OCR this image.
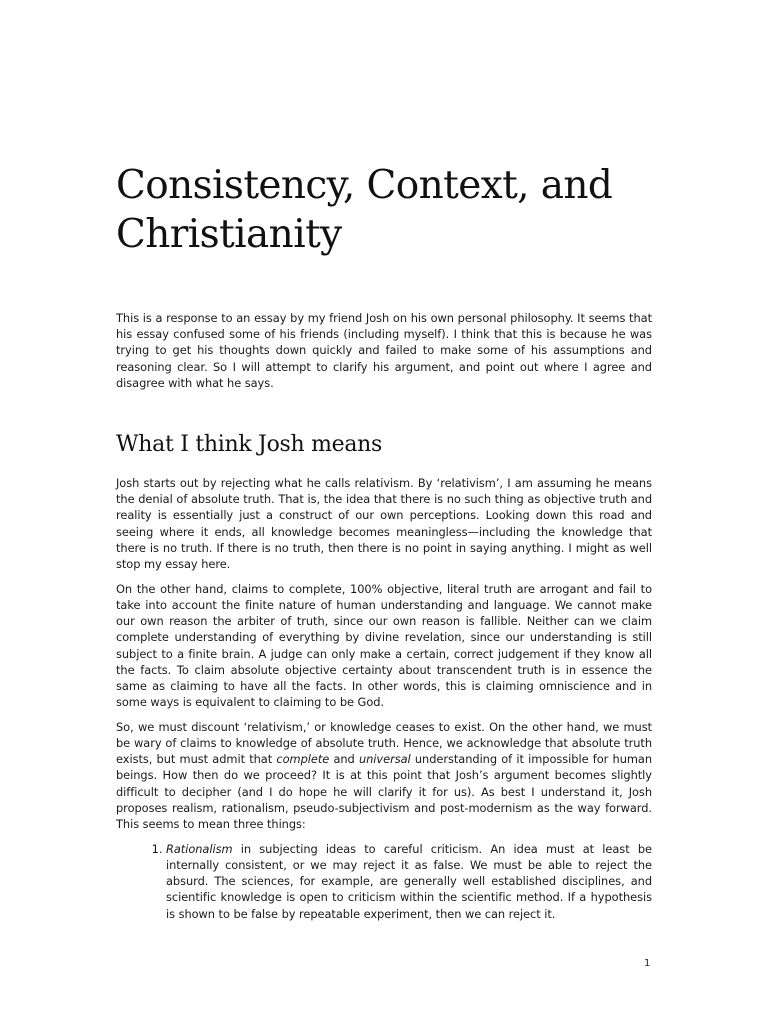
Consistency, Context, and Christianity

This is a response to an essay by my friend Josh on his own personal philosophy. It seems that his essay confused some of his friends (including myself). I think that this is because he was trying to get his thoughts down quickly and failed to make some of his assumptions and reasoning clear. So I will attempt to clarify his argument, and point out where I agree and disagree with what he says.

What I think Josh means

Josh starts out by rejecting what he calls relativism. By ‘relativism’, I am assuming he means the denial of absolute truth. That is, the idea that there is no such thing as objective truth and reality is essentially just a construct of our own perceptions. Looking down this road and seeing where it ends, all knowledge becomes meaningless—including the knowledge that there is no truth. If there is no truth, then there is no point in saying anything. I might as well stop my essay here.

On the other hand, claims to complete, 100% objective, literal truth are arrogant and fail to take into account the finite nature of human understanding and language. We cannot make our own reason the arbiter of truth, since our own reason is fallible. Neither can we claim complete understanding of everything by divine revelation, since our understanding is still subject to a finite brain. A judge can only make a certain, correct judgement if they know all the facts. To claim absolute objective certainty about transcendent truth is in essence the same as claiming to have all the facts. In other words, this is claiming omniscience and in some ways is equivalent to claiming to be God.

So, we must discount ‘relativism,’ or knowledge ceases to exist. On the other hand, we must be wary of claims to knowledge of absolute truth. Hence, we acknowledge that absolute truth exists, but must admit that complete and universal understanding of it impossible for human beings. How then do we proceed? It is at this point that Josh’s argument becomes slightly difficult to decipher (and I do hope he will clarify it for us). As best I understand it, Josh proposes realism, rationalism, pseudo-subjectivism and post-modernism as the way forward. This seems to mean three things:

1. Rationalism in subjecting ideas to careful criticism. An idea must at least be internally consistent, or we may reject it as false. We must be able to reject the absurd. The sciences, for example, are generally well established disciplines, and scientific knowledge is open to criticism within the scientific method. If a hypothesis is shown to be false by repeatable experiment, then we can reject it.
1
